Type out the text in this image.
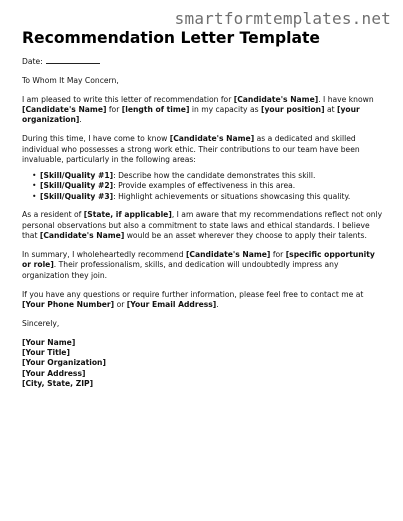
smartformtemplates.net
Recommendation Letter Template

Date:

To Whom It May Concern,

I am pleased to write this letter of recommendation for [Candidate's Name]. I have known [Candidate's Name] for [length of time] in my capacity as [your position] at [your organization].

During this time, I have come to know [Candidate's Name] as a dedicated and skilled individual who possesses a strong work ethic. Their contributions to our team have been invaluable, particularly in the following areas:

• [Skill/Quality #1]: Describe how the candidate demonstrates this skill.
• [Skill/Quality #2]: Provide examples of effectiveness in this area.
• [Skill/Quality #3]: Highlight achievements or situations showcasing this quality.

As a resident of [State, if applicable], I am aware that my recommendations reflect not only personal observations but also a commitment to state laws and ethical standards. I believe that [Candidate's Name] would be an asset wherever they choose to apply their talents.

In summary, I wholeheartedly recommend [Candidate's Name] for [specific opportunity or role]. Their professionalism, skills, and dedication will undoubtedly impress any organization they join.

If you have any questions or require further information, please feel free to contact me at [Your Phone Number] or [Your Email Address].

Sincerely,

[Your Name]

[Your Title]

[Your Organization]

[Your Address]

[City, State, ZIP]
